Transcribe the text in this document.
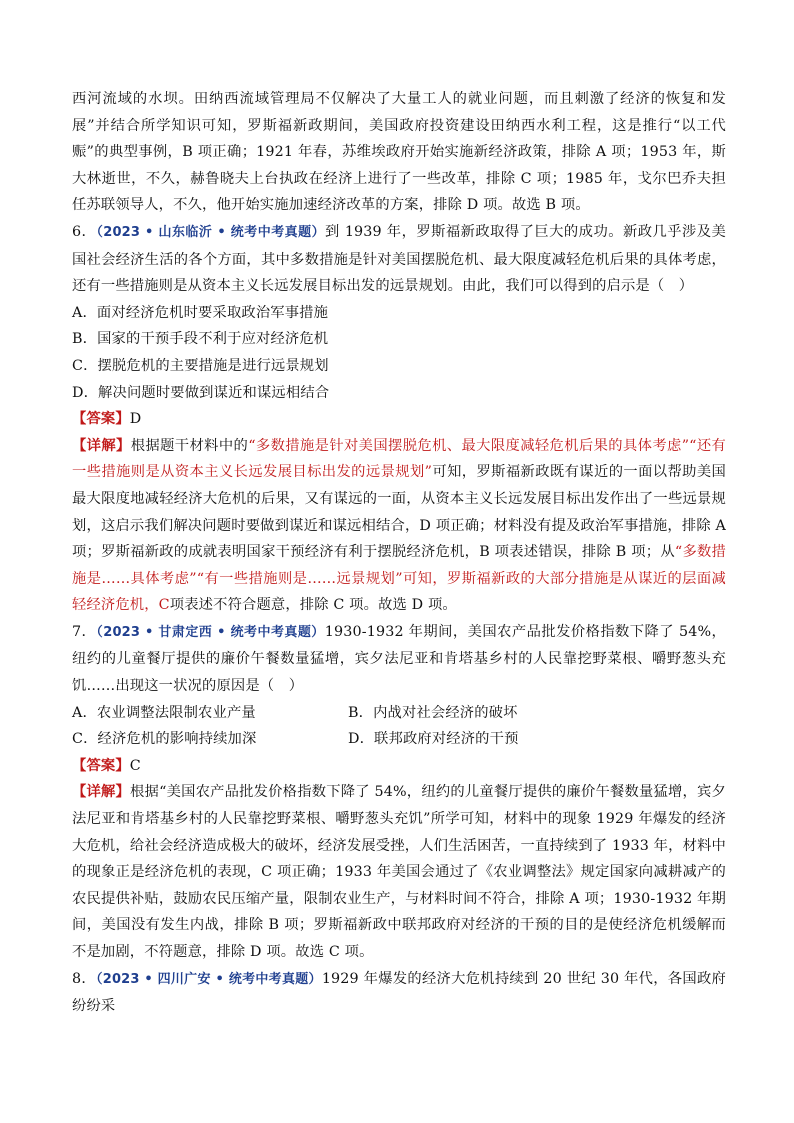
西河流域的水坝。田纳西流域管理局不仅解决了大量工人的就业问题，而且刺激了经济的恢复和发展”并结合所学知识可知，罗斯福新政期间，美国政府投资建设田纳西水利工程，这是推行“以工代赈”的典型事例，B 项正确；1921 年春，苏维埃政府开始实施新经济政策，排除 A 项；1953 年，斯大林逝世，不久，赫鲁晓夫上台执政在经济上进行了一些改革，排除 C 项；1985 年，戈尔巴乔夫担任苏联领导人，不久，他开始实施加速经济改革的方案，排除 D 项。故选 B 项。

6．（2023 • 山东临沂 • 统考中考真题）到 1939 年，罗斯福新政取得了巨大的成功。新政几乎涉及美国社会经济生活的各个方面，其中多数措施是针对美国摆脱危机、最大限度减轻危机后果的具体考虑，还有一些措施则是从资本主义长远发展目标出发的远景规划。由此，我们可以得到的启示是（　）

A．面对经济危机时要采取政治军事措施
B．国家的干预手段不利于应对经济危机
C．摆脱危机的主要措施是进行远景规划
D．解决问题时要做到谋近和谋远相结合

【答案】D

【详解】根据题干材料中的“多数措施是针对美国摆脱危机、最大限度减轻危机后果的具体考虑”“还有一些措施则是从资本主义长远发展目标出发的远景规划”可知，罗斯福新政既有谋近的一面以帮助美国最大限度地减轻经济大危机的后果，又有谋远的一面，从资本主义长远发展目标出发作出了一些远景规划，这启示我们解决问题时要做到谋近和谋远相结合，D 项正确；材料没有提及政治军事措施，排除 A 项；罗斯福新政的成就表明国家干预经济有利于摆脱经济危机，B 项表述错误，排除 B 项；从“多数措施是……具体考虑”“有一些措施则是……远景规划”可知，罗斯福新政的大部分措施是从谋近的层面减轻经济危机，C项表述不符合题意，排除 C 项。故选 D 项。

7．（2023 • 甘肃定西 • 统考中考真题）1930-1932 年期间，美国农产品批发价格指数下降了 54%，纽约的儿童餐厅提供的廉价午餐数量猛增，宾夕法尼亚和肯塔基乡村的人民靠挖野菜根、嚼野葱头充饥……出现这一状况的原因是（　）

A．农业调整法限制农业产量	B．内战对社会经济的破坏
C．经济危机的影响持续加深	D．联邦政府对经济的干预

【答案】C

【详解】根据“美国农产品批发价格指数下降了 54%，纽约的儿童餐厅提供的廉价午餐数量猛增，宾夕法尼亚和肯塔基乡村的人民靠挖野菜根、嚼野葱头充饥”所学可知，材料中的现象 1929 年爆发的经济大危机，给社会经济造成极大的破坏，经济发展受挫，人们生活困苦，一直持续到了 1933 年，材料中的现象正是经济危机的表现，C 项正确；1933 年美国会通过了《农业调整法》规定国家向减耕减产的农民提供补贴，鼓励农民压缩产量，限制农业生产，与材料时间不符合，排除 A 项；1930-1932 年期间，美国没有发生内战，排除 B 项；罗斯福新政中联邦政府对经济的干预的目的是使经济危机缓解而不是加剧，不符题意，排除 D 项。故选 C 项。

8．（2023 • 四川广安 • 统考中考真题）1929 年爆发的经济大危机持续到 20 世纪 30 年代，各国政府纷纷采
